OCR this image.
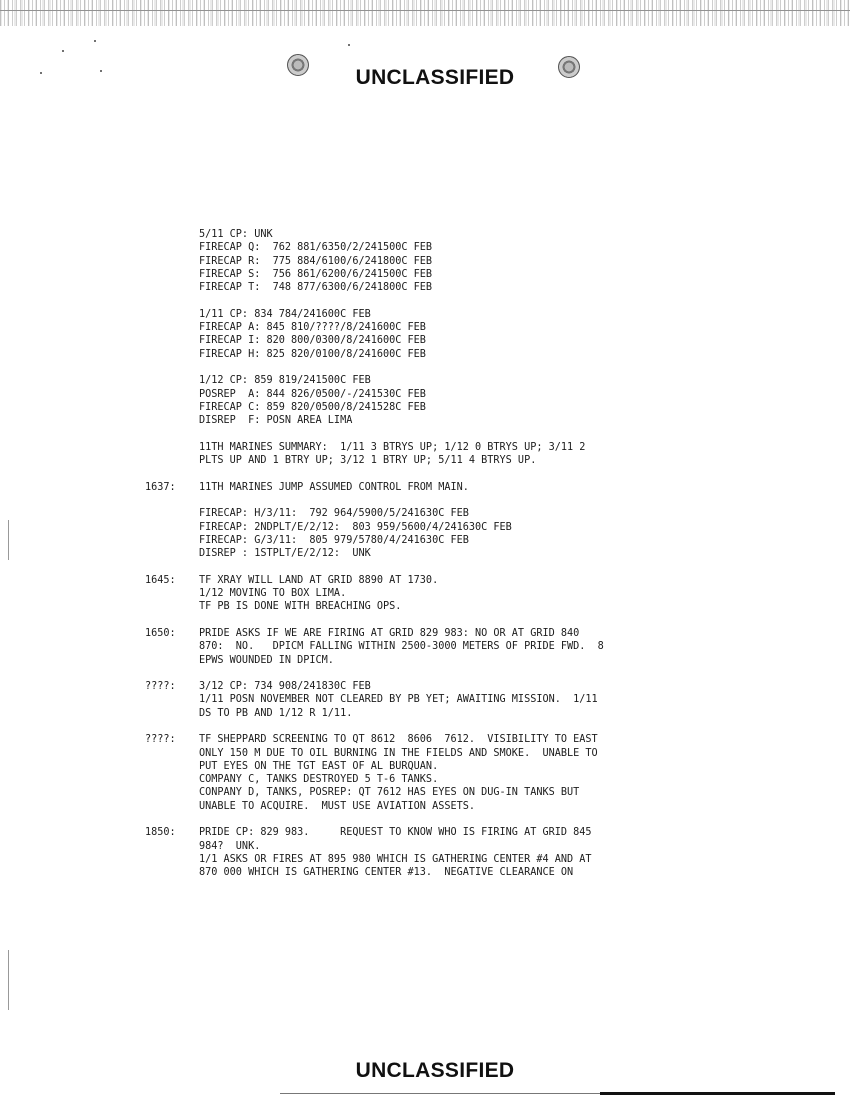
UNCLASSIFIED
5/11 CP: UNK
FIRECAP Q:  762 881/6350/2/241500C FEB
FIRECAP R:  775 884/6100/6/241800C FEB
FIRECAP S:  756 861/6200/6/241500C FEB
FIRECAP T:  748 877/6300/6/241800C FEB
1/11 CP: 834 784/241600C FEB
FIRECAP A: 845 810/????/8/241600C FEB
FIRECAP I: 820 800/0300/8/241600C FEB
FIRECAP H: 825 820/0100/8/241600C FEB
1/12 CP: 859 819/241500C FEB
POSREP  A: 844 826/0500/-/241530C FEB
FIRECAP C: 859 820/0500/8/241528C FEB
DISREP  F: POSN AREA LIMA
11TH MARINES SUMMARY:  1/11 3 BTRYS UP; 1/12 0 BTRYS UP; 3/11 2
PLTS UP AND 1 BTRY UP; 3/12 1 BTRY UP; 5/11 4 BTRYS UP.
1637:	11TH MARINES JUMP ASSUMED CONTROL FROM MAIN.
FIRECAP: H/3/11:  792 964/5900/5/241630C FEB
FIRECAP: 2NDPLT/E/2/12:  803 959/5600/4/241630C FEB
FIRECAP: G/3/11:  805 979/5780/4/241630C FEB
DISREP : 1STPLT/E/2/12:  UNK
1645:	TF XRAY WILL LAND AT GRID 8890 AT 1730.
1/12 MOVING TO BOX LIMA.
TF PB IS DONE WITH BREACHING OPS.
1650:	PRIDE ASKS IF WE ARE FIRING AT GRID 829 983: NO OR AT GRID 840
870:  NO.   DPICM FALLING WITHIN 2500-3000 METERS OF PRIDE FWD.  8
EPWS WOUNDED IN DPICM.
????:	3/12 CP: 734 908/241830C FEB
1/11 POSN NOVEMBER NOT CLEARED BY PB YET; AWAITING MISSION.  1/11
DS TO PB AND 1/12 R 1/11.
????:	TF SHEPPARD SCREENING TO QT 8612  8606  7612.  VISIBILITY TO EAST
ONLY 150 M DUE TO OIL BURNING IN THE FIELDS AND SMOKE.  UNABLE TO
PUT EYES ON THE TGT EAST OF AL BURQUAN.
COMPANY C, TANKS DESTROYED 5 T-6 TANKS.
CONPANY D, TANKS, POSREP: QT 7612 HAS EYES ON DUG-IN TANKS BUT
UNABLE TO ACQUIRE.  MUST USE AVIATION ASSETS.
1850:	PRIDE CP: 829 983.     REQUEST TO KNOW WHO IS FIRING AT GRID 845
984?  UNK.
1/1 ASKS OR FIRES AT 895 980 WHICH IS GATHERING CENTER #4 AND AT
870 000 WHICH IS GATHERING CENTER #13.  NEGATIVE CLEARANCE ON
UNCLASSIFIED
